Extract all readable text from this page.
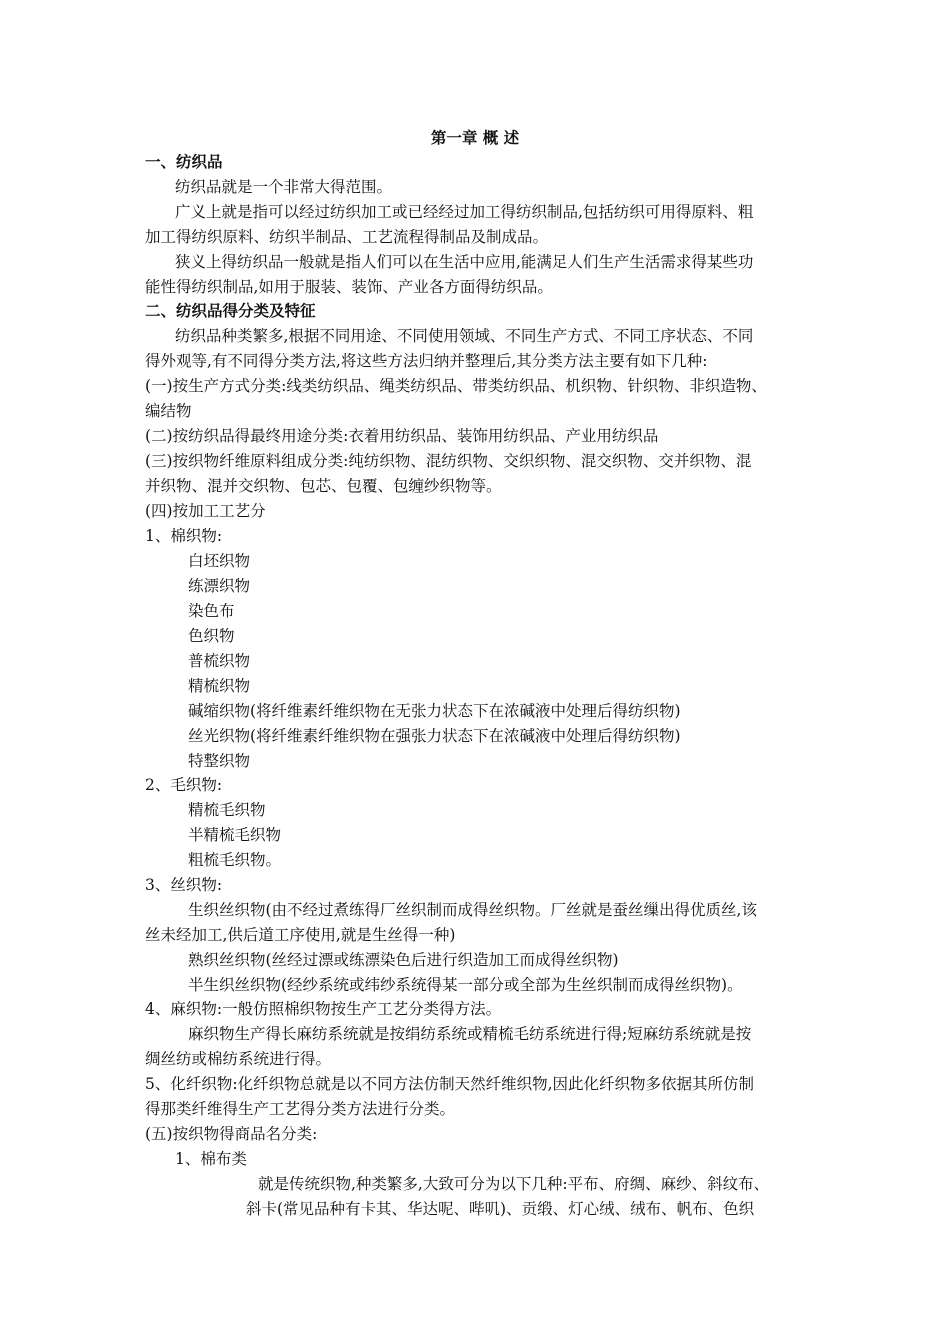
第一章 概 述
一、纺织品
纺织品就是一个非常大得范围。
广义上就是指可以经过纺织加工或已经经过加工得纺织制品,包括纺织可用得原料、粗
加工得纺织原料、纺织半制品、工艺流程得制品及制成品。
狭义上得纺织品一般就是指人们可以在生活中应用,能满足人们生产生活需求得某些功
能性得纺织制品,如用于服装、装饰、产业各方面得纺织品。
二、纺织品得分类及特征
纺织品种类繁多,根据不同用途、不同使用领域、不同生产方式、不同工序状态、不同
得外观等,有不同得分类方法,将这些方法归纳并整理后,其分类方法主要有如下几种:
(一)按生产方式分类:线类纺织品、绳类纺织品、带类纺织品、机织物、针织物、非织造物、
编结物
(二)按纺织品得最终用途分类:衣着用纺织品、装饰用纺织品、产业用纺织品
(三)按织物纤维原料组成分类:纯纺织物、混纺织物、交织织物、混交织物、交并织物、混
并织物、混并交织物、包芯、包覆、包缠纱织物等。
(四)按加工工艺分
1、棉织物:
白坯织物
练漂织物
染色布
色织物
普梳织物
精梳织物
碱缩织物(将纤维素纤维织物在无张力状态下在浓碱液中处理后得纺织物)
丝光织物(将纤维素纤维织物在强张力状态下在浓碱液中处理后得纺织物)
特整织物
2、毛织物:
精梳毛织物
半精梳毛织物
粗梳毛织物。
3、丝织物:
生织丝织物(由不经过煮练得厂丝织制而成得丝织物。厂丝就是蚕丝缫出得优质丝,该
丝未经加工,供后道工序使用,就是生丝得一种)
熟织丝织物(丝经过漂或练漂染色后进行织造加工而成得丝织物)
半生织丝织物(经纱系统或纬纱系统得某一部分或全部为生丝织制而成得丝织物)。
4、麻织物:一般仿照棉织物按生产工艺分类得方法。
麻织物生产得长麻纺系统就是按绢纺系统或精梳毛纺系统进行得;短麻纺系统就是按
绸丝纺或棉纺系统进行得。
5、化纤织物:化纤织物总就是以不同方法仿制天然纤维织物,因此化纤织物多依据其所仿制
得那类纤维得生产工艺得分类方法进行分类。
(五)按织物得商品名分类:
1、棉布类
就是传统织物,种类繁多,大致可分为以下几种:平布、府绸、麻纱、斜纹布、
斜卡(常见品种有卡其、华达呢、哔叽)、贡缎、灯心绒、绒布、帆布、色织
